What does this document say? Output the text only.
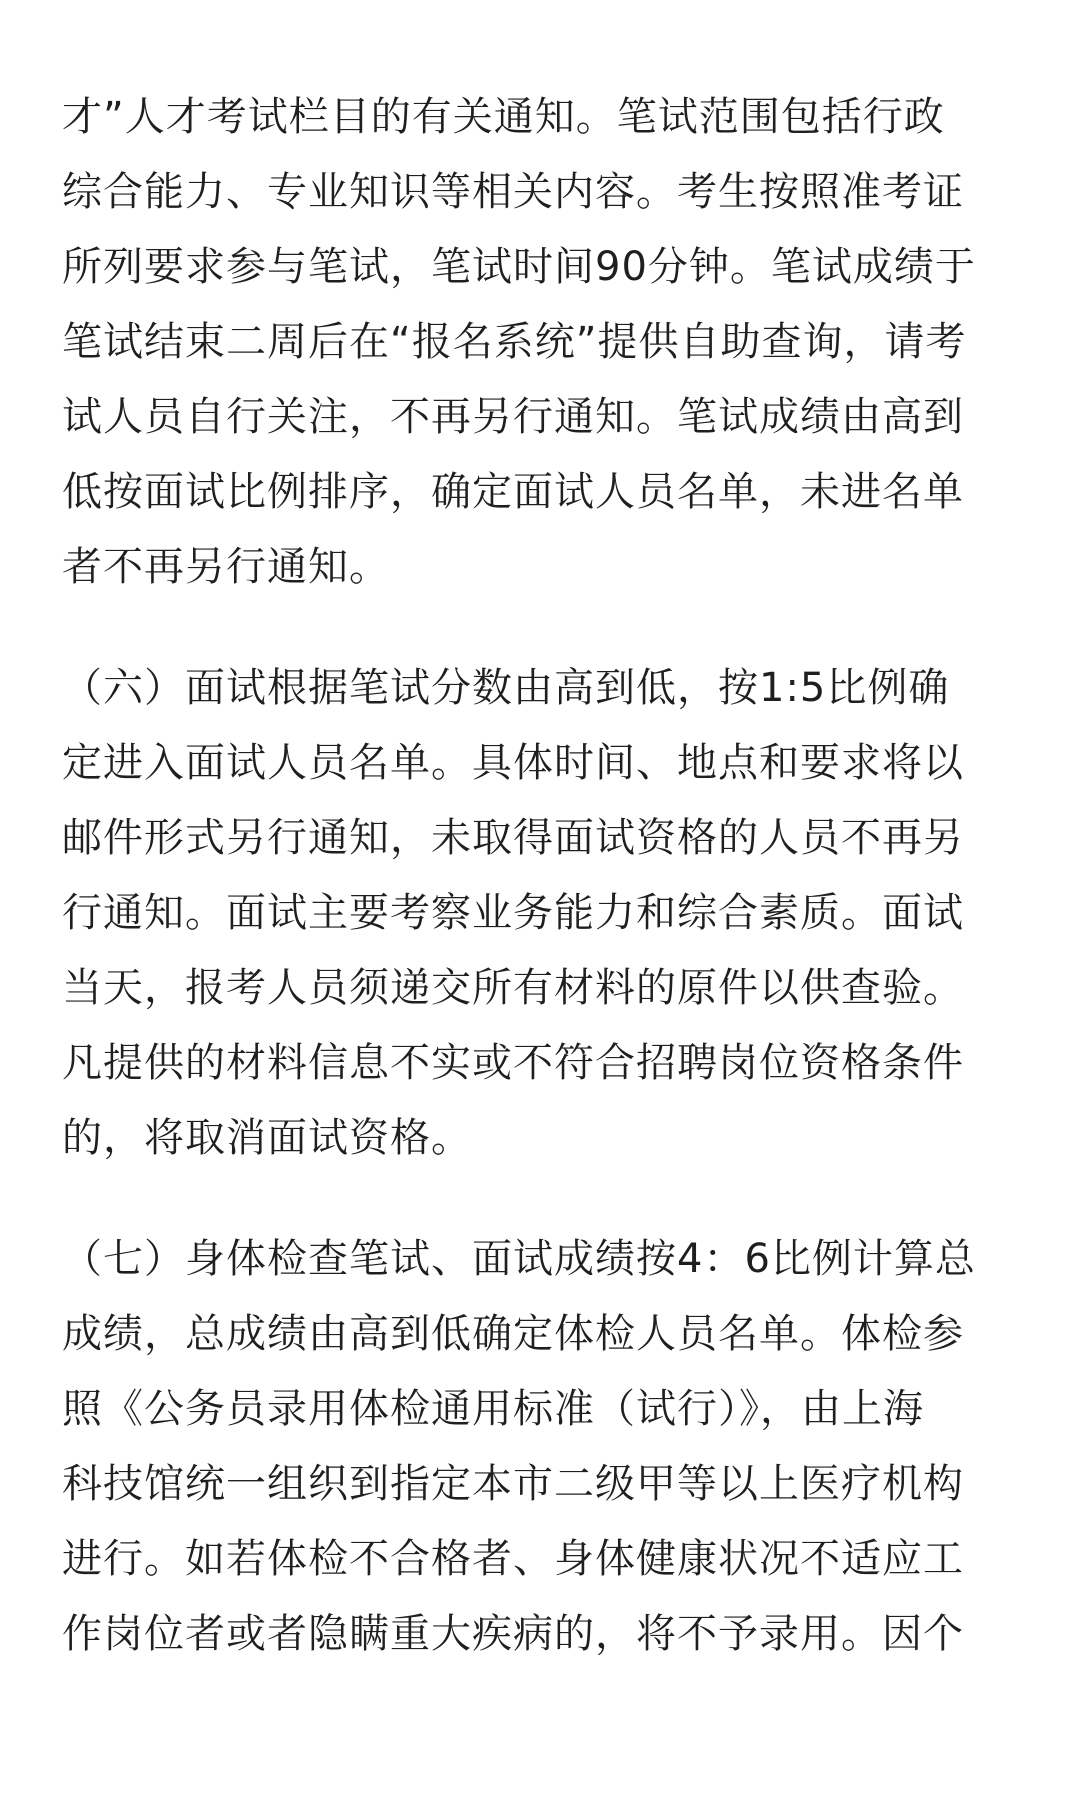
才”人才考试栏目的有关通知。笔试范围包括行政
综合能力、专业知识等相关内容。考生按照准考证
所列要求参与笔试，笔试时间90分钟。笔试成绩于
笔试结束二周后在“报名系统”提供自助查询，请考
试人员自行关注，不再另行通知。笔试成绩由高到
低按面试比例排序，确定面试人员名单，未进名单
者不再另行通知。
（六）面试根据笔试分数由高到低，按1:5比例确
定进入面试人员名单。具体时间、地点和要求将以
邮件形式另行通知，未取得面试资格的人员不再另
行通知。面试主要考察业务能力和综合素质。面试
当天，报考人员须递交所有材料的原件以供查验。
凡提供的材料信息不实或不符合招聘岗位资格条件
的，将取消面试资格。
（七）身体检查笔试、面试成绩按4：6比例计算总
成绩，总成绩由高到低确定体检人员名单。体检参
照《公务员录用体检通用标准（试行）》，由上海
科技馆统一组织到指定本市二级甲等以上医疗机构
进行。如若体检不合格者、身体健康状况不适应工
作岗位者或者隐瞒重大疾病的，将不予录用。因个
